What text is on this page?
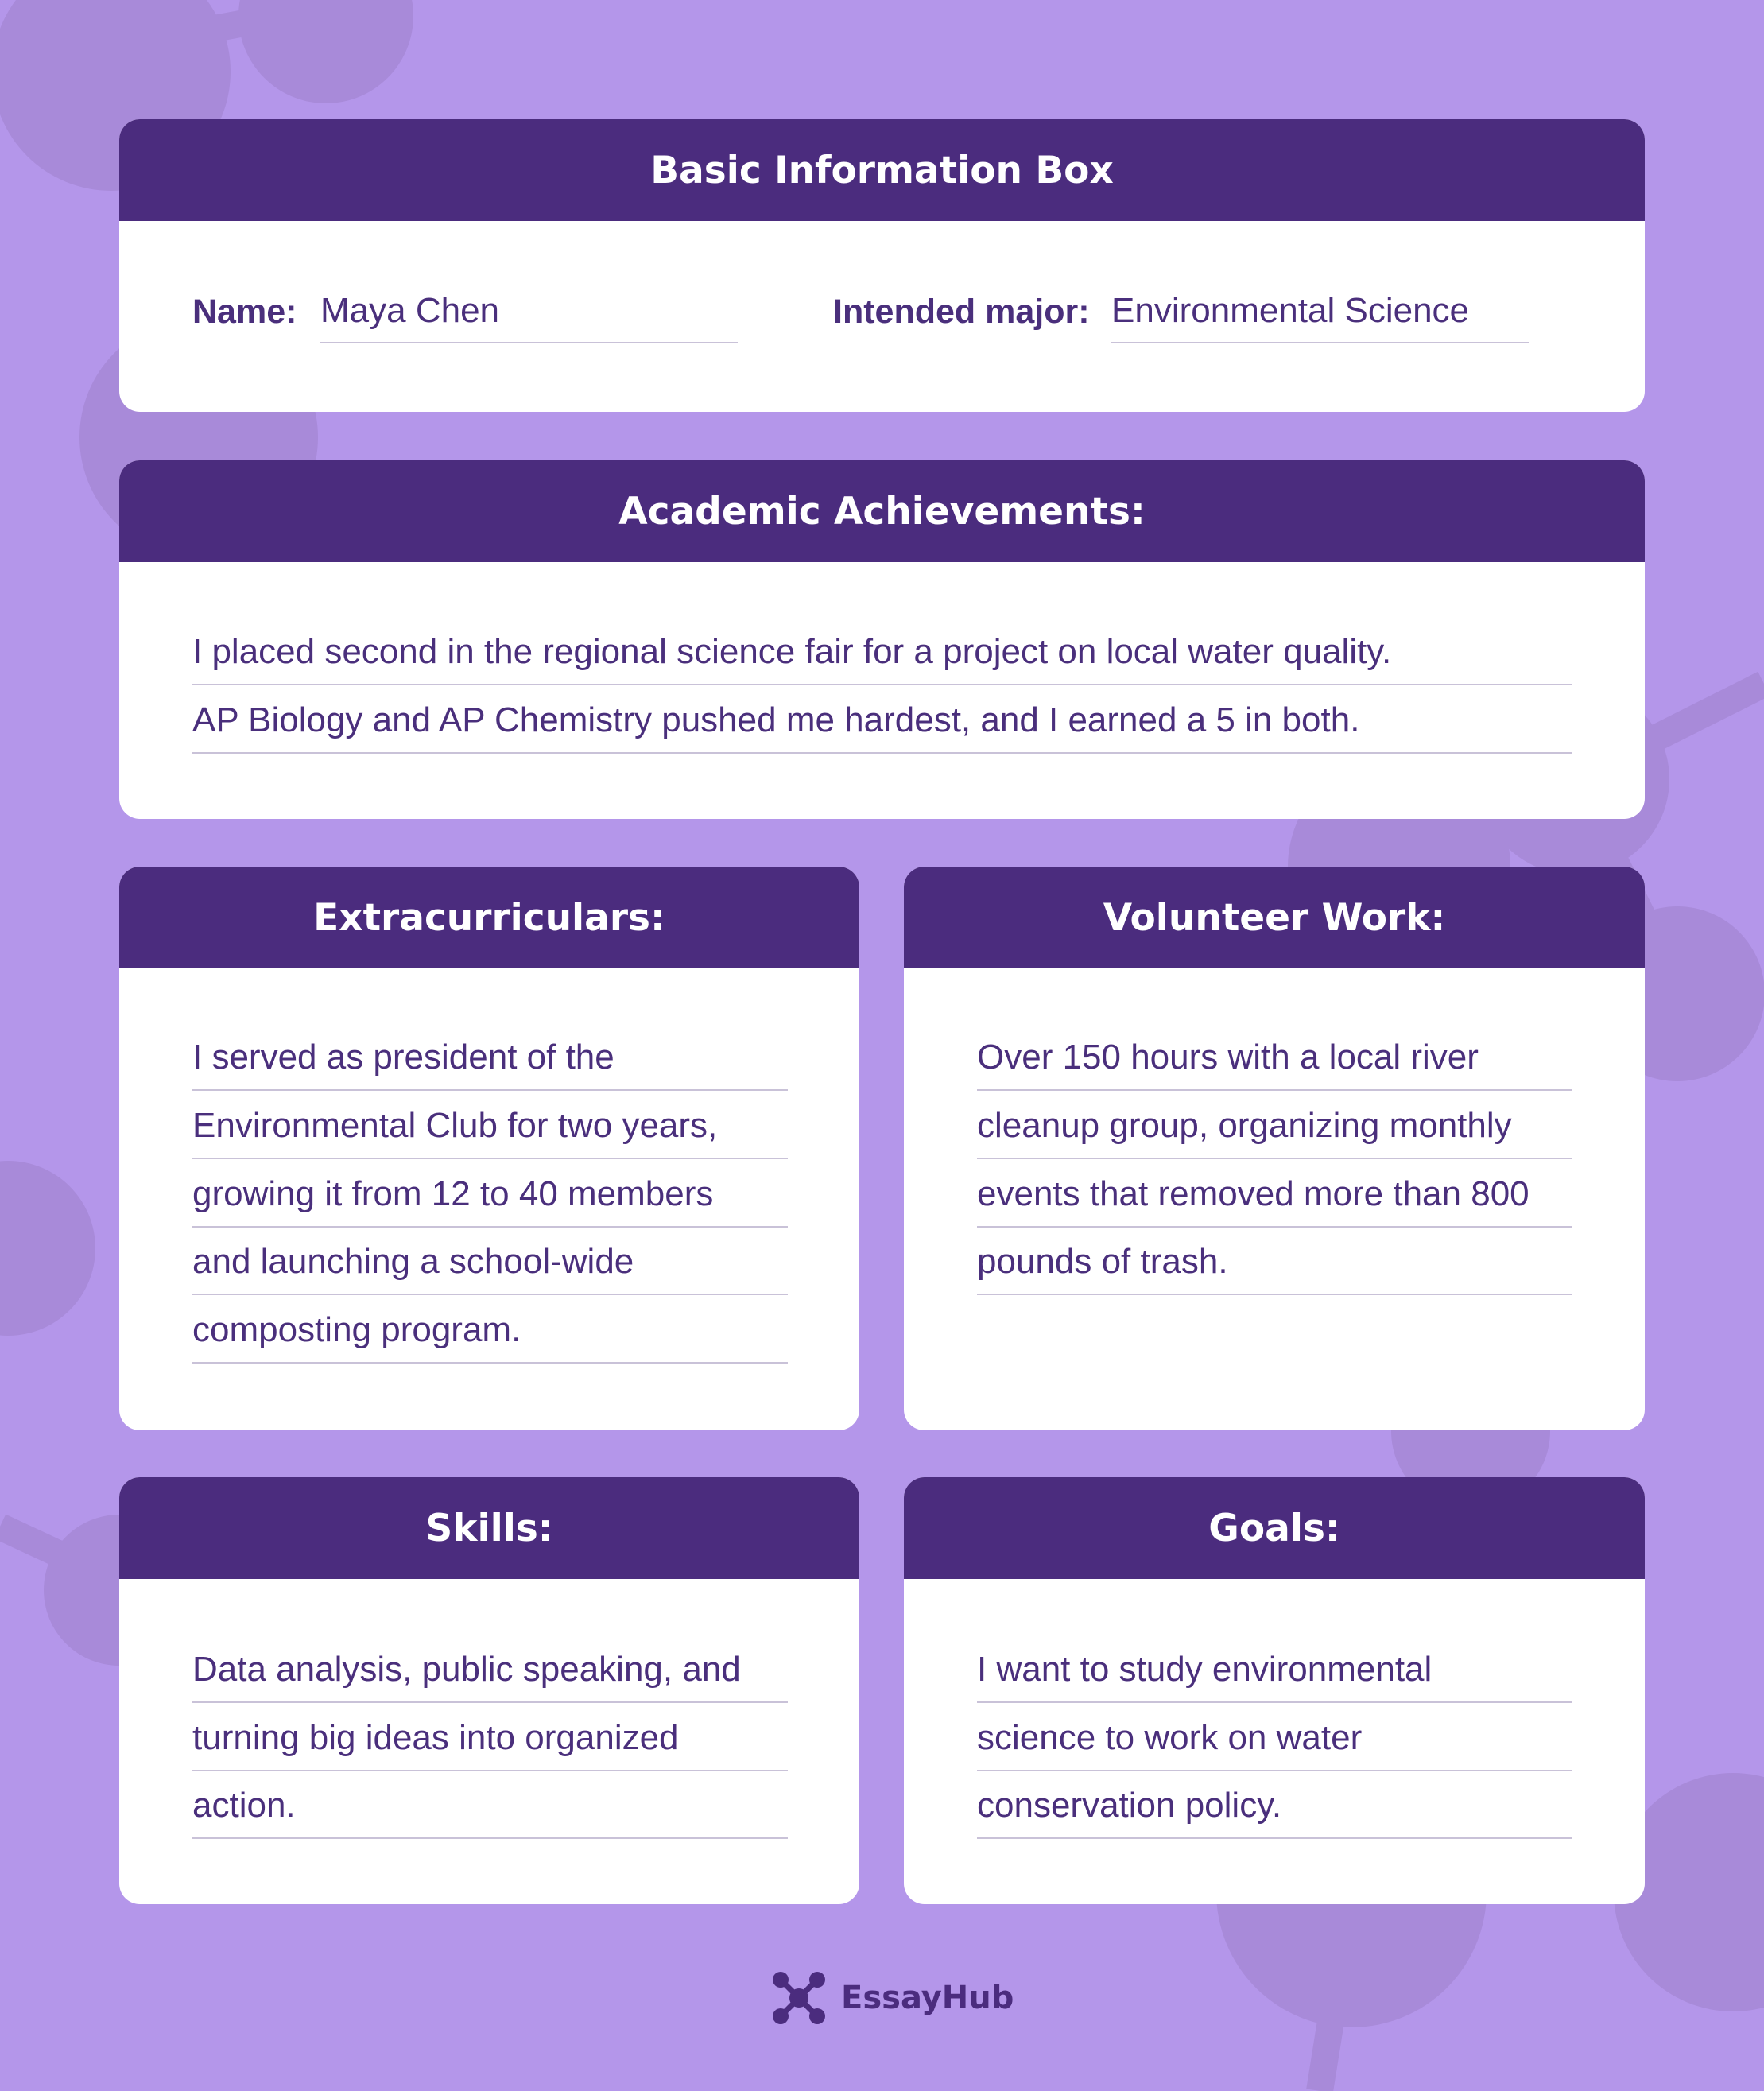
Basic Information Box
Name: Maya Chen	Intended major: Environmental Science
Academic Achievements:
I placed second in the regional science fair for a project on local water quality.
AP Biology and AP Chemistry pushed me hardest, and I earned a 5 in both.
Extracurriculars:
I served as president of the
Environmental Club for two years,
growing it from 12 to 40 members
and launching a school-wide
composting program.
Volunteer Work:
Over 150 hours with a local river
cleanup group, organizing monthly
events that removed more than 800
pounds of trash.
Skills:
Data analysis, public speaking, and
turning big ideas into organized
action.
Goals:
I want to study environmental
science to work on water
conservation policy.
EssayHub
